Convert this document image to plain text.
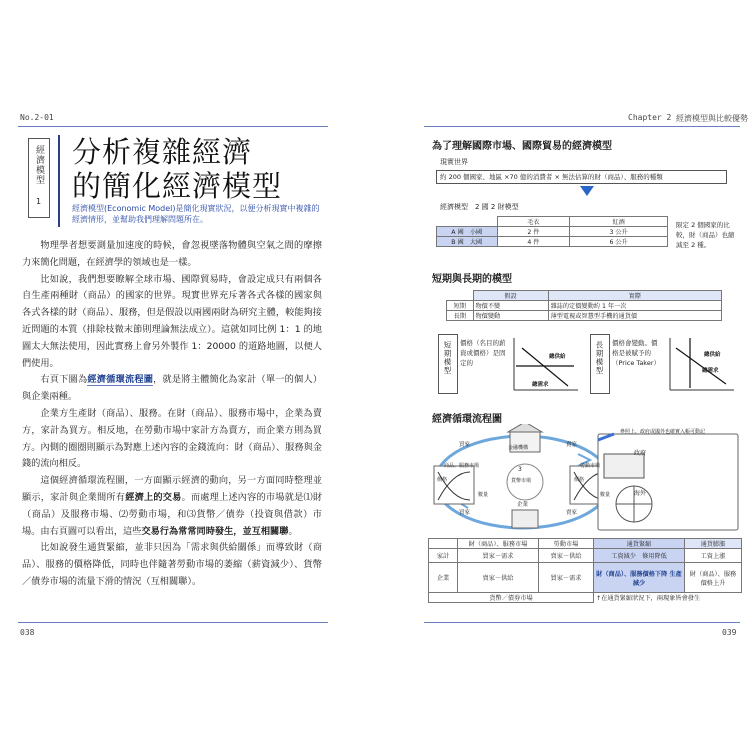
No.2-01
經濟模型
1
分析複雜經濟
的簡化經濟模型
經濟模型(Economic Model)是簡化現實狀況，以便分析現實中複雜的
經濟情形，並幫助我們理解問題所在。

物理學者想要測量加速度的時候，會忽視墜落物體與空氣之間的摩擦力來簡化問題，在經濟學的領域也是一樣。

比如說，我們想要瞭解全球市場、國際貿易時，會設定成只有兩個各自生產兩種財（商品）的國家的世界。現實世界充斥著各式各樣的國家與各式各樣的財（商品）、服務，但是假設以兩國兩財為研究主體，較能夠接近問題的本質（排除枝微末節則理論無法成立）。這就如同比例 1：1 的地圖太大無法使用，因此實務上會另外製作 1：20000 的道路地圖，以便人們使用。

右頁下圖為經濟循環流程圖，就是將主體簡化為家計（單一的個人）與企業兩種。

企業方生產財（商品）、服務。在財（商品）、服務市場中，企業為賣方，家計為買方。相反地，在勞動市場中家計方為賣方，而企業方則為買方。內側的圈圈則顯示為對應上述內容的金錢流向：財（商品）、服務與金錢的流向相反。

這個經濟循環流程圖，一方面顯示經濟的動向，另一方面同時整理並顯示，家計與企業間所有經濟上的交易。而處理上述內容的市場就是⑴財（商品）及服務市場、⑵勞動市場，和⑶貨幣／債券（投資與借款）市場。由右頁圖可以看出，這些交易行為常常同時發生，並互相關聯。

比如說發生通貨緊縮，並非只因為「需求與供給關係」而導致財（商品）、服務的價格降低，同時也伴隨著勞動市場的萎縮（薪資減少）、貨幣／債券市場的流量下滑的情況（互相關聯）。

038
Chapter 2 經濟模型與比較優勢
為了理解國際市場、國際貿易的經濟模型
現實世界
約 200 個國家、地區 ×70 億的消費者 × 無法估算的財（商品）、服務的種類
經濟模型　2 國 2 財模型
	毛衣	紅酒
A 國　小國	2 件	3 公升
B 國　大國	4 件	6 公升
限定 2 個國家的比較，財（商品）也縮減至 2 種。
短期與長期的模型
	假設	實際
短期	物價不變	雜誌的定價變動約 1 年一次
長期	物價變動	薄型電視或智慧型手機的通貨價
短期模型 價格（名目的薪資或價格）是固定的
總供給
總需求
長期模型 價格會變動。價格是被賦予的（Price Taker）
總供給
總需求
經濟循環流程圖
金融機構
買家	賣家
商品、服務市場	勞動市場
價格
數量
價格
數量
3
貨幣市場
企業
買家	賣家
參照上、政府或國外也確實入帳可動記
政府
海外
	財（商品）、服務市場	勞動市場	通貨緊縮	通貨膨脹
家計	買家－需求	賣家－供給	工資減少　條用降低	工資上漲
企業	賣家－供給	買家－需求	財（商品）、服務價格下降 生產減少	財（商品）、服務價格上升
貨幣／債券市場			↑在通貨緊縮狀況下，兩現象皆會發生	
039
